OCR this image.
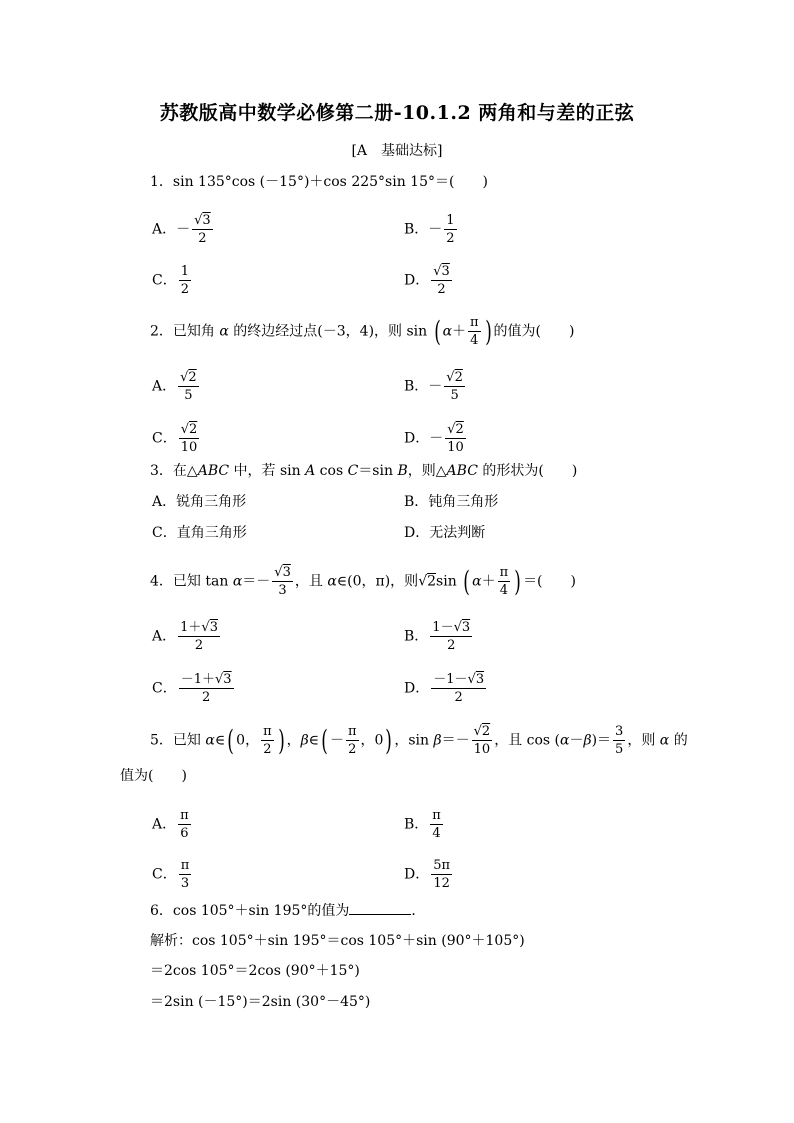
苏教版高中数学必修第二册-10.1.2 两角和与差的正弦
[A　基础达标]
1．sin 135°cos (－15°)＋cos 225°sin 15°＝(　　)
A．－ $\frac{√3}{2}$	B．－ $\frac{1}{2}$
C． $\frac{1}{2}$	D． $\frac{√3}{2}$
2．已知角 α 的终边经过点(－3，4)，则 sin ( $\alpha+ \frac{\pi}{4}$ ) 的值为(　　)
A． $\frac{√2}{5}$	B．－ $\frac{√2}{5}$
C． $\frac{√2}{10}$	D．－ $\frac{√2}{10}$
3．在△ABC 中，若 sin A cos C＝sin B，则△ABC 的形状为(　　)
A．锐角三角形	B．钝角三角形
C．直角三角形	D．无法判断
4．已知 $\tan \alpha=- \frac{√3}{3}$ ，且 α∈(0，π)，则√2sin ( $\alpha+ \frac{\pi}{4}$ ) ＝(　　)
A． $\frac{1+√3}{2}$	B． $\frac{1-√3}{2}$
C． $\frac{-1+√3}{2}$	D． $\frac{-1-√3}{2}$
5．已知 α∈( 0， $\frac{\pi}{2}$ ) ，β∈( － $\frac{\pi}{2}$ ，0) ，$\sin \beta=- \frac{√2}{10}$ ，且 $\cos (\alpha-\beta)= \frac{3}{5}$ ，则 α 的
值为(　　)
A． $\frac{\pi}{6}$	B． $\frac{\pi}{4}$
C． $\frac{\pi}{3}$	D． $\frac{5\pi}{12}$
6．cos 105°＋sin 195°的值为	．
解析：cos 105°＋sin 195°＝cos 105°＋sin (90°＋105°)
＝2cos 105°＝2cos (90°＋15°)
＝2sin (－15°)＝2sin (30°－45°)
